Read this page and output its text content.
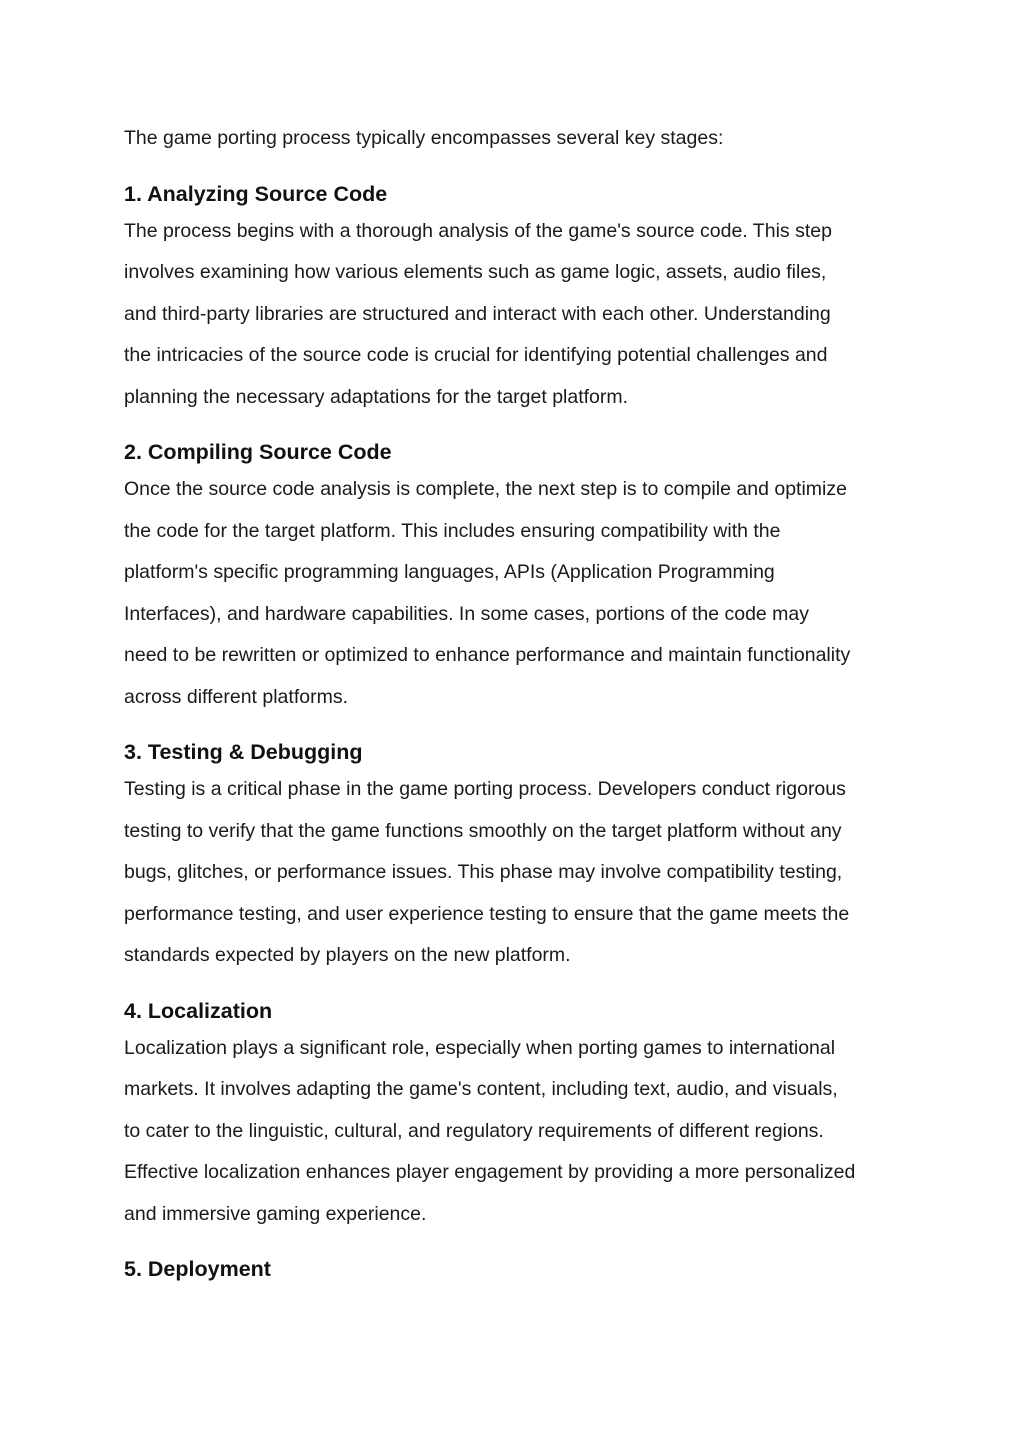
The game porting process typically encompasses several key stages:

1. Analyzing Source Code

The process begins with a thorough analysis of the game's source code. This step
involves examining how various elements such as game logic, assets, audio files,
and third-party libraries are structured and interact with each other. Understanding
the intricacies of the source code is crucial for identifying potential challenges and
planning the necessary adaptations for the target platform.

2. Compiling Source Code

Once the source code analysis is complete, the next step is to compile and optimize
the code for the target platform. This includes ensuring compatibility with the
platform's specific programming languages, APIs (Application Programming
Interfaces), and hardware capabilities. In some cases, portions of the code may
need to be rewritten or optimized to enhance performance and maintain functionality
across different platforms.

3. Testing & Debugging

Testing is a critical phase in the game porting process. Developers conduct rigorous
testing to verify that the game functions smoothly on the target platform without any
bugs, glitches, or performance issues. This phase may involve compatibility testing,
performance testing, and user experience testing to ensure that the game meets the
standards expected by players on the new platform.

4. Localization

Localization plays a significant role, especially when porting games to international
markets. It involves adapting the game's content, including text, audio, and visuals,
to cater to the linguistic, cultural, and regulatory requirements of different regions.
Effective localization enhances player engagement by providing a more personalized
and immersive gaming experience.

5. Deployment
